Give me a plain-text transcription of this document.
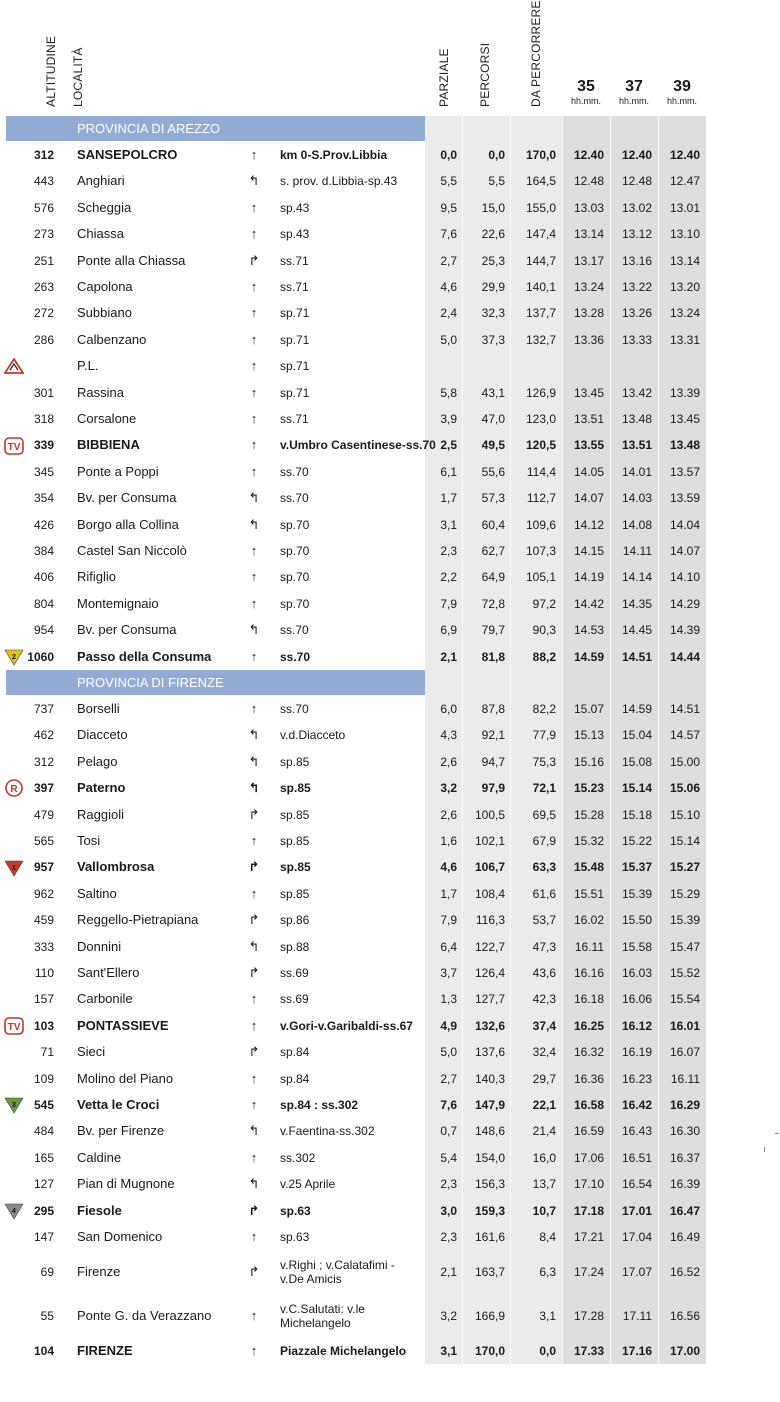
ALTITUDINE LOCALITÀ	PARZIALE PERCORSI	DA PERCORRERE	35
hh.mm.
37
hh.mm.
39
hh.mm.
PROVINCIA DI AREZZO
312 SANSEPOLCRO	↑	km 0-S.Prov.Libbia	0,0	0,0	170,0	12.40	12.40	12.40
443 Anghiari	↰	s. prov. d.Libbia-sp.43	5,5	5,5	164,5	12.48	12.48	12.47
576 Scheggia	↑	sp.43	9,5	15,0	155,0	13.03	13.02	13.01
273 Chiassa	↑	sp.43	7,6	22,6	147,4	13.14	13.12	13.10
251 Ponte alla Chiassa	↱	ss.71	2,7	25,3	144,7	13.17	13.16	13.14
263 Capolona	↑	ss.71	4,6	29,9	140,1	13.24	13.22	13.20
272 Subbiano	↑	sp.71	2,4	32,3	137,7	13.28	13.26	13.24
286 Calbenzano	↑	sp.71	5,0	37,3	132,7	13.36	13.33	13.31
P.L.	↑	sp.71
301 Rassina	↑	sp.71	5,8	43,1	126,9	13.45	13.42	13.39
318 Corsalone	↑	ss.71	3,9	47,0	123,0	13.51	13.48	13.45
TV	339 BIBBIENA	↑	v.Umbro Casentinese-ss.70 2,5	49,5	120,5	13.55	13.51	13.48
345 Ponte a Poppi	↑	ss.70	6,1	55,6	114,4	14.05	14.01	13.57
354 Bv. per Consuma	↰	ss.70	1,7	57,3	112,7	14.07	14.03	13.59
426 Borgo alla Collina	↰	sp.70	3,1	60,4	109,6	14.12	14.08	14.04
384 Castel San Niccolò	↑	sp.70	2,3	62,7	107,3	14.15	14.11	14.07
406 Rifiglio	↑	sp.70	2,2	64,9	105,1	14.19	14.14	14.10
804 Montemignaio	↑	sp.70	7,9	72,8	97,2	14.42	14.35	14.29
954 Bv. per Consuma	↰	ss.70	6,9	79,7	90,3	14.53	14.45	14.39
2 1060 Passo della Consuma	↑	ss.70	2,1	81,8	88,2	14.59	14.51	14.44
PROVINCIA DI FIRENZE
737 Borselli	↑	ss.70	6,0	87,8	82,2	15.07	14.59	14.51
462 Diacceto	↰	v.d.Diacceto	4,3	92,1	77,9	15.13	15.04	14.57
312 Pelago	↰	sp.85	2,6	94,7	75,3	15.16	15.08	15.00
R	397 Paterno	↰	sp.85	3,2	97,9	72,1	15.23	15.14	15.06
479 Raggioli	↱	sp.85	2,6	100,5	69,5	15.28	15.18	15.10
565 Tosi	↑	sp.85	1,6	102,1	67,9	15.32	15.22	15.14
1	957 Vallombrosa	↱	sp.85	4,6	106,7	63,3	15.48	15.37	15.27
962 Saltino	↑	sp.85	1,7	108,4	61,6	15.51	15.39	15.29
459 Reggello-Pietrapiana	↱	sp.86	7,9	116,3	53,7	16.02	15.50	15.39
333 Donnini	↰	sp.88	6,4	122,7	47,3	16.11	15.58	15.47
110 Sant'Ellero	↱	ss.69	3,7	126,4	43,6	16.16	16.03	15.52
157 Carbonile	↑	ss.69	1,3	127,7	42,3	16.18	16.06	15.54
TV	103 PONTASSIEVE	↑	v.Gori-v.Garibaldi-ss.67	4,9	132,6	37,4	16.25	16.12	16.01
71 Sieci	↱	sp.84	5,0	137,6	32,4	16.32	16.19	16.07
109 Molino del Piano	↑	sp.84	2,7	140,3	29,7	16.36	16.23	16.11
3	545 Vetta le Croci	↑	sp.84 : ss.302	7,6	147,9	22,1	16.58	16.42	16.29
484 Bv. per Firenze	↰	v.Faentina-ss.302	0,7	148,6	21,4	16.59	16.43	16.30
165 Caldine	↑	ss.302	5,4	154,0	16,0	17.06	16.51	16.37
127 Pian di Mugnone	↰	v.25 Aprile	2,3	156,3	13,7	17.10	16.54	16.39
4	295 Fiesole	↱	sp.63	3,0	159,3	10,7	17.18	17.01	16.47
147 San Domenico	↑	sp.63	2,3	161,6	8,4	17.21	17.04	16.49
69 Firenze	↱	v.Righi ; v.Calatafimi - v.De Amicis	2,1	163,7	6,3	17.24	17.07	16.52
55 Ponte G. da Verazzano	↑	v.C.Salutati: v.le Michelangelo	3,2	166,9	3,1	17.28	17.11	16.56
104 FIRENZE	↑	Piazzale Michelangelo	3,1	170,0	0,0	17.33	17.16	17.00
